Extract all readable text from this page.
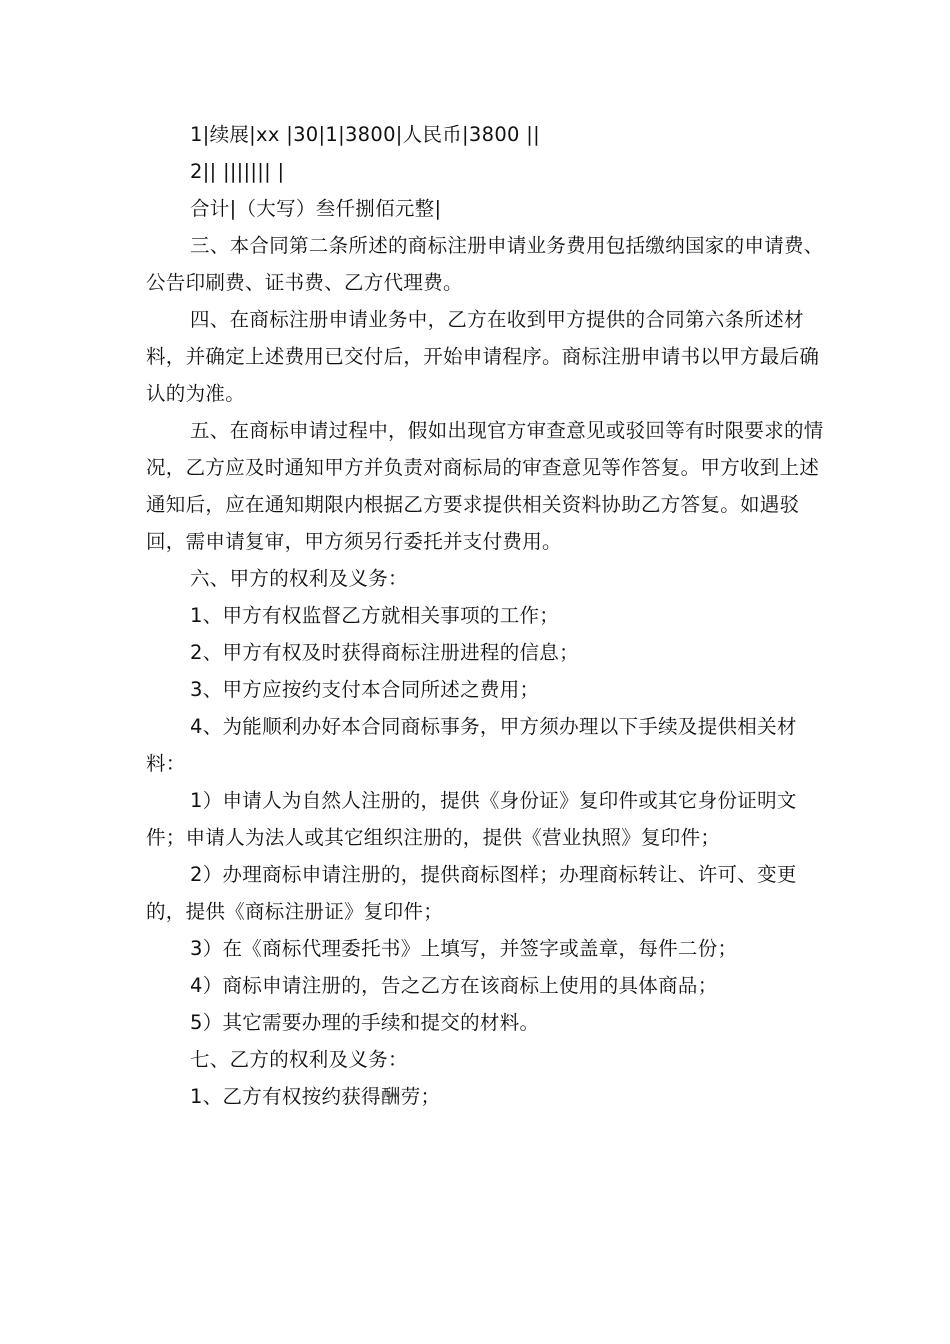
1|续展|xx |30|1|3800|人民币|3800 ||

2|| ||||||| |

合计|（大写）叁仟捌佰元整|

三、本合同第二条所述的商标注册申请业务费用包括缴纳国家的申请费、公告印刷费、证书费、乙方代理费。

四、在商标注册申请业务中，乙方在收到甲方提供的合同第六条所述材料，并确定上述费用已交付后，开始申请程序。商标注册申请书以甲方最后确认的为准。

五、在商标申请过程中，假如出现官方审查意见或驳回等有时限要求的情况，乙方应及时通知甲方并负责对商标局的审查意见等作答复。甲方收到上述通知后，应在通知期限内根据乙方要求提供相关资料协助乙方答复。如遇驳回，需申请复审，甲方须另行委托并支付费用。

六、甲方的权利及义务：

1、甲方有权监督乙方就相关事项的工作；

2、甲方有权及时获得商标注册进程的信息；

3、甲方应按约支付本合同所述之费用；

4、为能顺利办好本合同商标事务，甲方须办理以下手续及提供相关材料：

1）申请人为自然人注册的，提供《身份证》复印件或其它身份证明文件；申请人为法人或其它组织注册的，提供《营业执照》复印件；

2）办理商标申请注册的，提供商标图样；办理商标转让、许可、变更的，提供《商标注册证》复印件；

3）在《商标代理委托书》上填写，并签字或盖章，每件二份；

4）商标申请注册的，告之乙方在该商标上使用的具体商品；

5）其它需要办理的手续和提交的材料。

七、乙方的权利及义务：

1、乙方有权按约获得酬劳；
